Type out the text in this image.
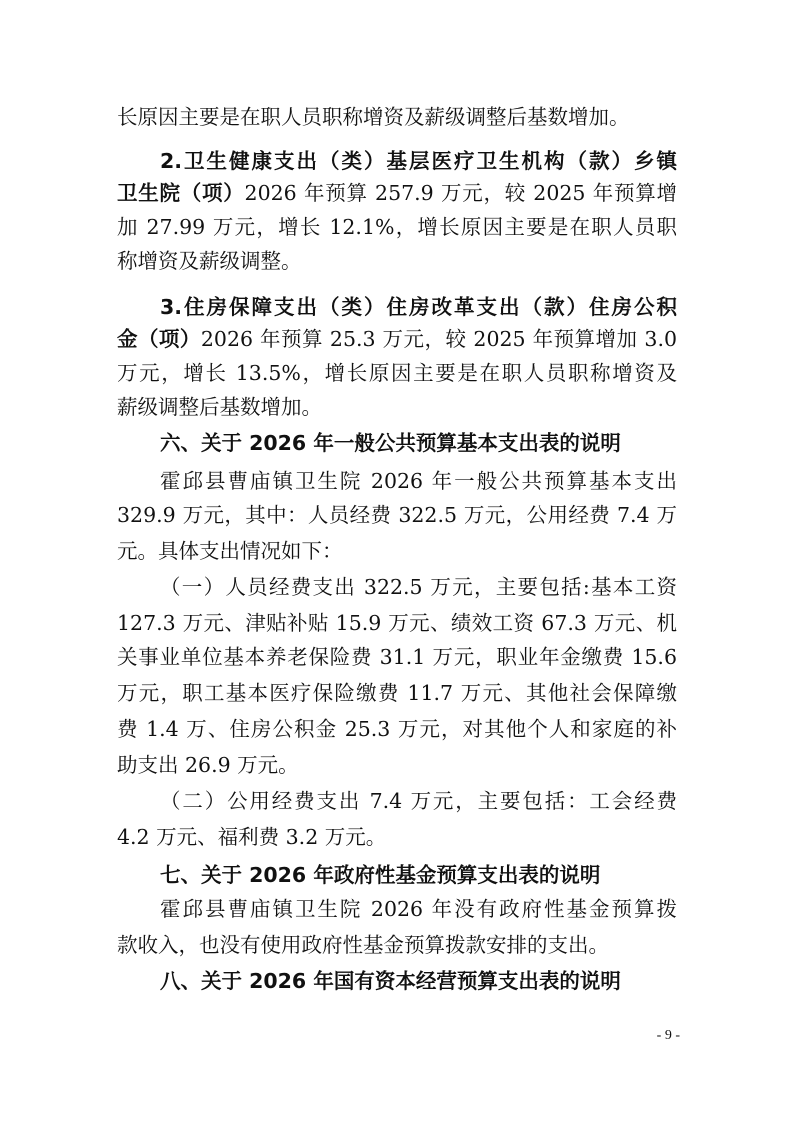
长原因主要是在职人员职称增资及薪级调整后基数增加。
2.卫生健康支出（类）基层医疗卫生机构（款）乡镇
卫生院（项）2026 年预算 257.9 万元，较 2025 年预算增
加 27.99 万元，增长 12.1%，增长原因主要是在职人员职
称增资及薪级调整。
3.住房保障支出（类）住房改革支出（款）住房公积
金（项）2026 年预算 25.3 万元，较 2025 年预算增加 3.0
万元，增长 13.5%，增长原因主要是在职人员职称增资及
薪级调整后基数增加。
六、关于 2026 年一般公共预算基本支出表的说明
霍邱县曹庙镇卫生院 2026 年一般公共预算基本支出
329.9 万元，其中：人员经费 322.5 万元，公用经费 7.4 万
元。具体支出情况如下：
（一）人员经费支出 322.5 万元，主要包括:基本工资
127.3 万元、津贴补贴 15.9 万元、绩效工资 67.3 万元、机
关事业单位基本养老保险费 31.1 万元，职业年金缴费 15.6
万元，职工基本医疗保险缴费 11.7 万元、其他社会保障缴
费 1.4 万、住房公积金 25.3 万元，对其他个人和家庭的补
助支出 26.9 万元。
（二）公用经费支出 7.4 万元，主要包括：工会经费
4.2 万元、福利费 3.2 万元。
七、关于 2026 年政府性基金预算支出表的说明
霍邱县曹庙镇卫生院 2026 年没有政府性基金预算拨
款收入，也没有使用政府性基金预算拨款安排的支出。
八、关于 2026 年国有资本经营预算支出表的说明
- 9 -
